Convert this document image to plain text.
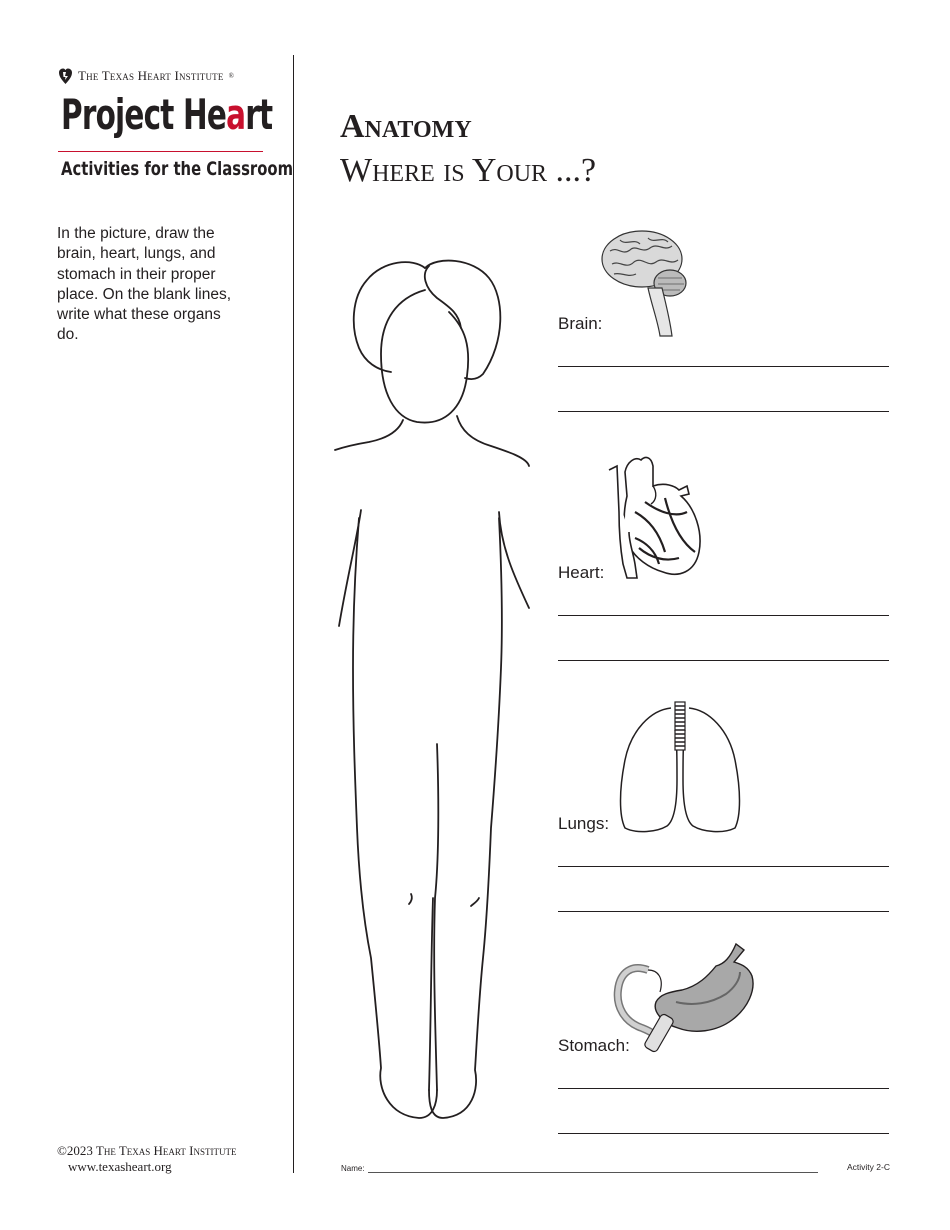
The Texas Heart Institute ®
Project Heart
Activities for the Classroom
In the picture, draw the brain, heart, lungs, and stomach in their proper place. On the blank lines, write what these organs do.
©2023 The Texas Heart Institute
www.texasheart.org
Anatomy
Where is Your ...?
Brain:
Heart:
Lungs:
Stomach:
Name:	Activity 2-C
